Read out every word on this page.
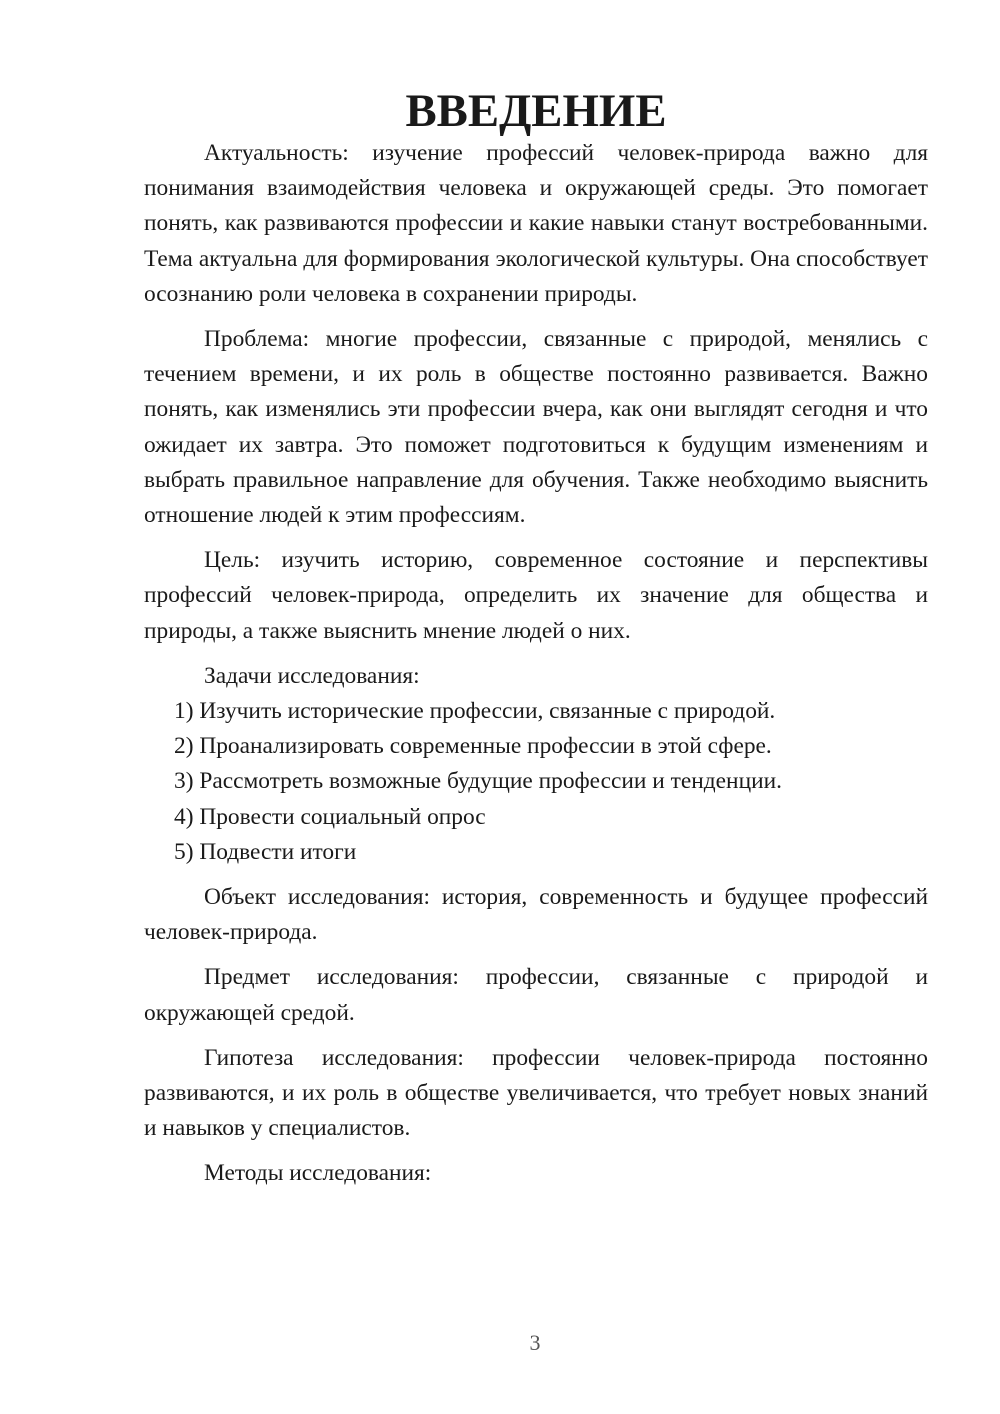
ВВЕДЕНИЕ

Актуальность: изучение профессий человек-природа важно для понимания взаимодействия человека и окружающей среды. Это помогает понять, как развиваются профессии и какие навыки станут востребованными. Тема актуальна для формирования экологической культуры. Она способствует осознанию роли человека в сохранении природы.

Проблема: многие профессии, связанные с природой, менялись с течением времени, и их роль в обществе постоянно развивается. Важно понять, как изменялись эти профессии вчера, как они выглядят сегодня и что ожидает их завтра. Это поможет подготовиться к будущим изменениям и выбрать правильное направление для обучения. Также необходимо выяснить отношение людей к этим профессиям.

Цель: изучить историю, современное состояние и перспективы профессий человек-природа, определить их значение для общества и природы, а также выяснить мнение людей о них.

Задачи исследования:

1) Изучить исторические профессии, связанные с природой.

2) Проанализировать современные профессии в этой сфере.

3) Рассмотреть возможные будущие профессии и тенденции.

4) Провести социальный опрос

5) Подвести итоги

Объект исследования: история, современность и будущее профессий человек-природа.

Предмет исследования: профессии, связанные с природой и окружающей средой.

Гипотеза исследования: профессии человек-природа постоянно развиваются, и их роль в обществе увеличивается, что требует новых знаний и навыков у специалистов.

Методы исследования:

3
